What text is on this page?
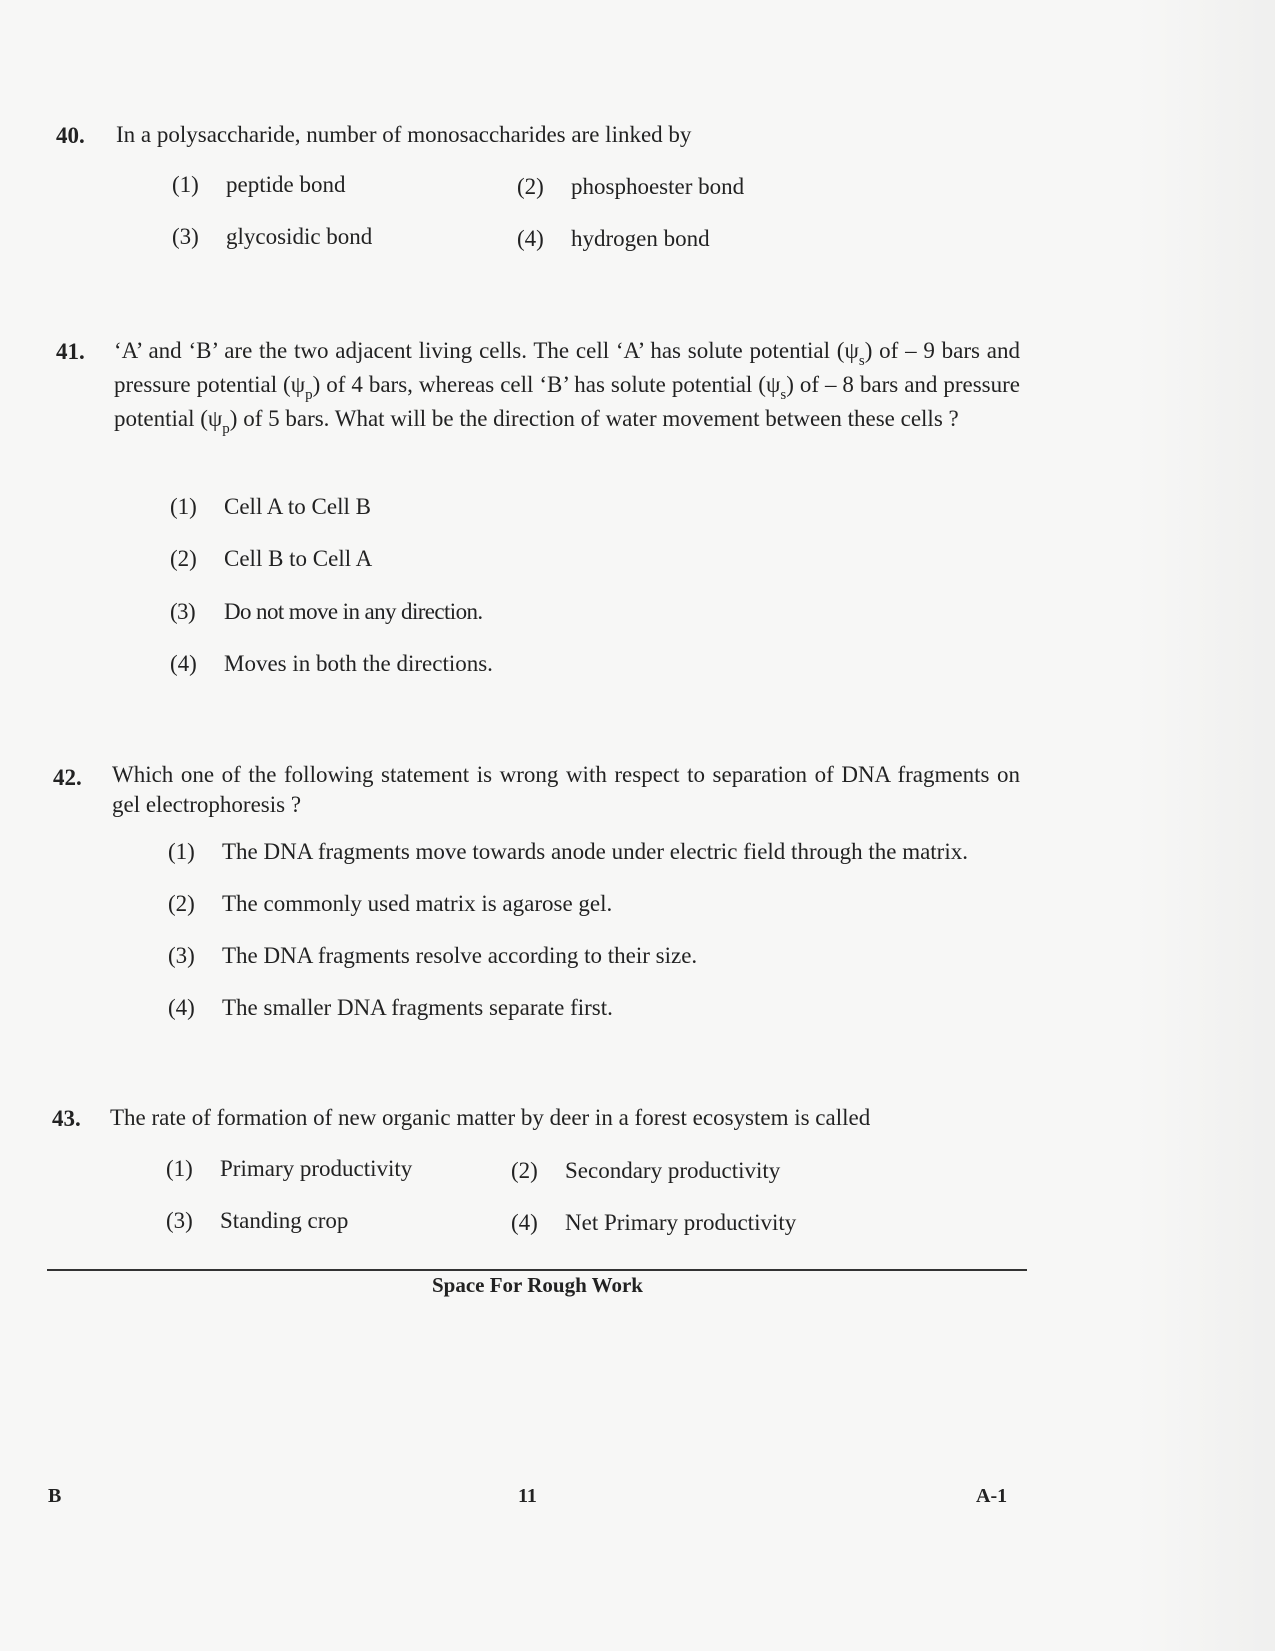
40. In a polysaccharide, number of monosaccharides are linked by
(1) peptide bond	(2) phosphoester bond
(3) glycosidic bond	(4) hydrogen bond
41. ‘A’ and ‘B’ are the two adjacent living cells. The cell ‘A’ has solute potential $(\psi_s)$ of – 9 bars and pressure potential $(\psi_p)$ of 4 bars, whereas cell ‘B’ has solute potential $(\psi_s)$ of – 8 bars and pressure potential $(\psi_p)$ of 5 bars. What will be the direction of water movement between these cells ?
(1) Cell A to Cell B
(2) Cell B to Cell A
(3) Do not move in any direction.
(4) Moves in both the directions.
42. Which one of the following statement is wrong with respect to separation of DNA fragments on gel electrophoresis ?
(1) The DNA fragments move towards anode under electric field through the matrix.
(2) The commonly used matrix is agarose gel.
(3) The DNA fragments resolve according to their size.
(4) The smaller DNA fragments separate first.
43. The rate of formation of new organic matter by deer in a forest ecosystem is called
(1) Primary productivity	(2) Secondary productivity
(3) Standing crop	(4) Net Primary productivity
Space For Rough Work
B	11	A-1
